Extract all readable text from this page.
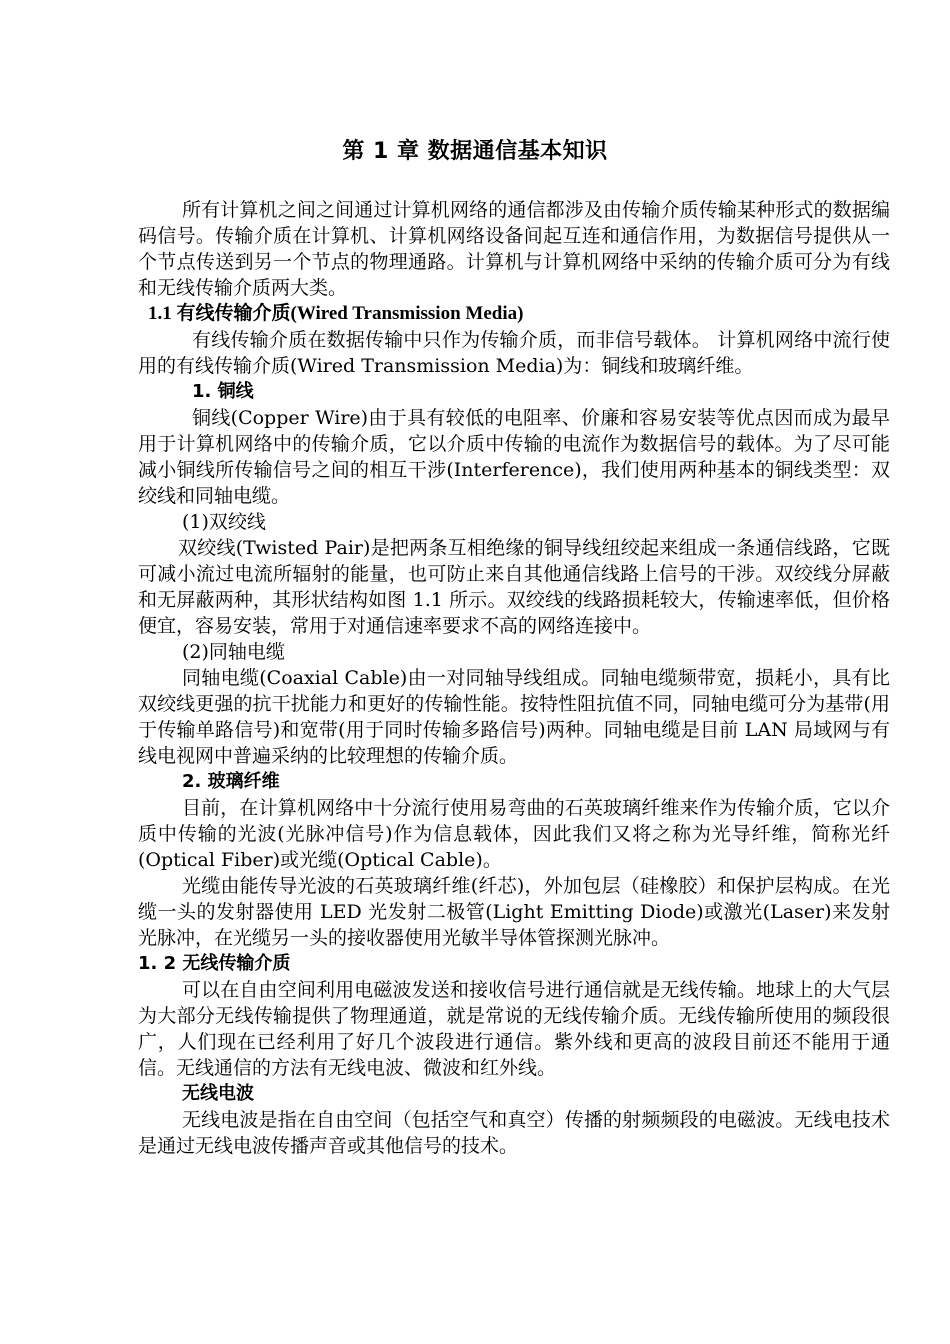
第 1 章 数据通信基本知识

所有计算机之间之间通过计算机网络的通信都涉及由传输介质传输某种形式的数据编码信号。传输介质在计算机、计算机网络设备间起互连和通信作用，为数据信号提供从一个节点传送到另一个节点的物理通路。计算机与计算机网络中采纳的传输介质可分为有线和无线传输介质两大类。

1.1 有线传输介质(Wired Transmission Media)

有线传输介质在数据传输中只作为传输介质，而非信号载体。 计算机网络中流行使用的有线传输介质(Wired Transmission Media)为：铜线和玻璃纤维。

1. 铜线

铜线(Copper Wire)由于具有较低的电阻率、价廉和容易安装等优点因而成为最早用于计算机网络中的传输介质，它以介质中传输的电流作为数据信号的载体。为了尽可能减小铜线所传输信号之间的相互干涉(Interference)，我们使用两种基本的铜线类型：双绞线和同轴电缆。

(1)双绞线

双绞线(Twisted Pair)是把两条互相绝缘的铜导线纽绞起来组成一条通信线路，它既可减小流过电流所辐射的能量，也可防止来自其他通信线路上信号的干涉。双绞线分屏蔽和无屏蔽两种，其形状结构如图 1.1 所示。双绞线的线路损耗较大，传输速率低，但价格便宜，容易安装，常用于对通信速率要求不高的网络连接中。

(2)同轴电缆

同轴电缆(Coaxial Cable)由一对同轴导线组成。同轴电缆频带宽，损耗小，具有比双绞线更强的抗干扰能力和更好的传输性能。按特性阻抗值不同，同轴电缆可分为基带(用于传输单路信号)和宽带(用于同时传输多路信号)两种。同轴电缆是目前 LAN 局域网与有线电视网中普遍采纳的比较理想的传输介质。

2. 玻璃纤维

目前，在计算机网络中十分流行使用易弯曲的石英玻璃纤维来作为传输介质，它以介质中传输的光波(光脉冲信号)作为信息载体，因此我们又将之称为光导纤维，简称光纤(Optical Fiber)或光缆(Optical Cable)。

光缆由能传导光波的石英玻璃纤维(纤芯)，外加包层（硅橡胶）和保护层构成。在光缆一头的发射器使用 LED 光发射二极管(Light Emitting Diode)或激光(Laser)来发射光脉冲，在光缆另一头的接收器使用光敏半导体管探测光脉冲。

1. 2 无线传输介质

可以在自由空间利用电磁波发送和接收信号进行通信就是无线传输。地球上的大气层为大部分无线传输提供了物理通道，就是常说的无线传输介质。无线传输所使用的频段很广，人们现在已经利用了好几个波段进行通信。紫外线和更高的波段目前还不能用于通信。无线通信的方法有无线电波、微波和红外线。

无线电波

无线电波是指在自由空间（包括空气和真空）传播的射频频段的电磁波。无线电技术是通过无线电波传播声音或其他信号的技术。
